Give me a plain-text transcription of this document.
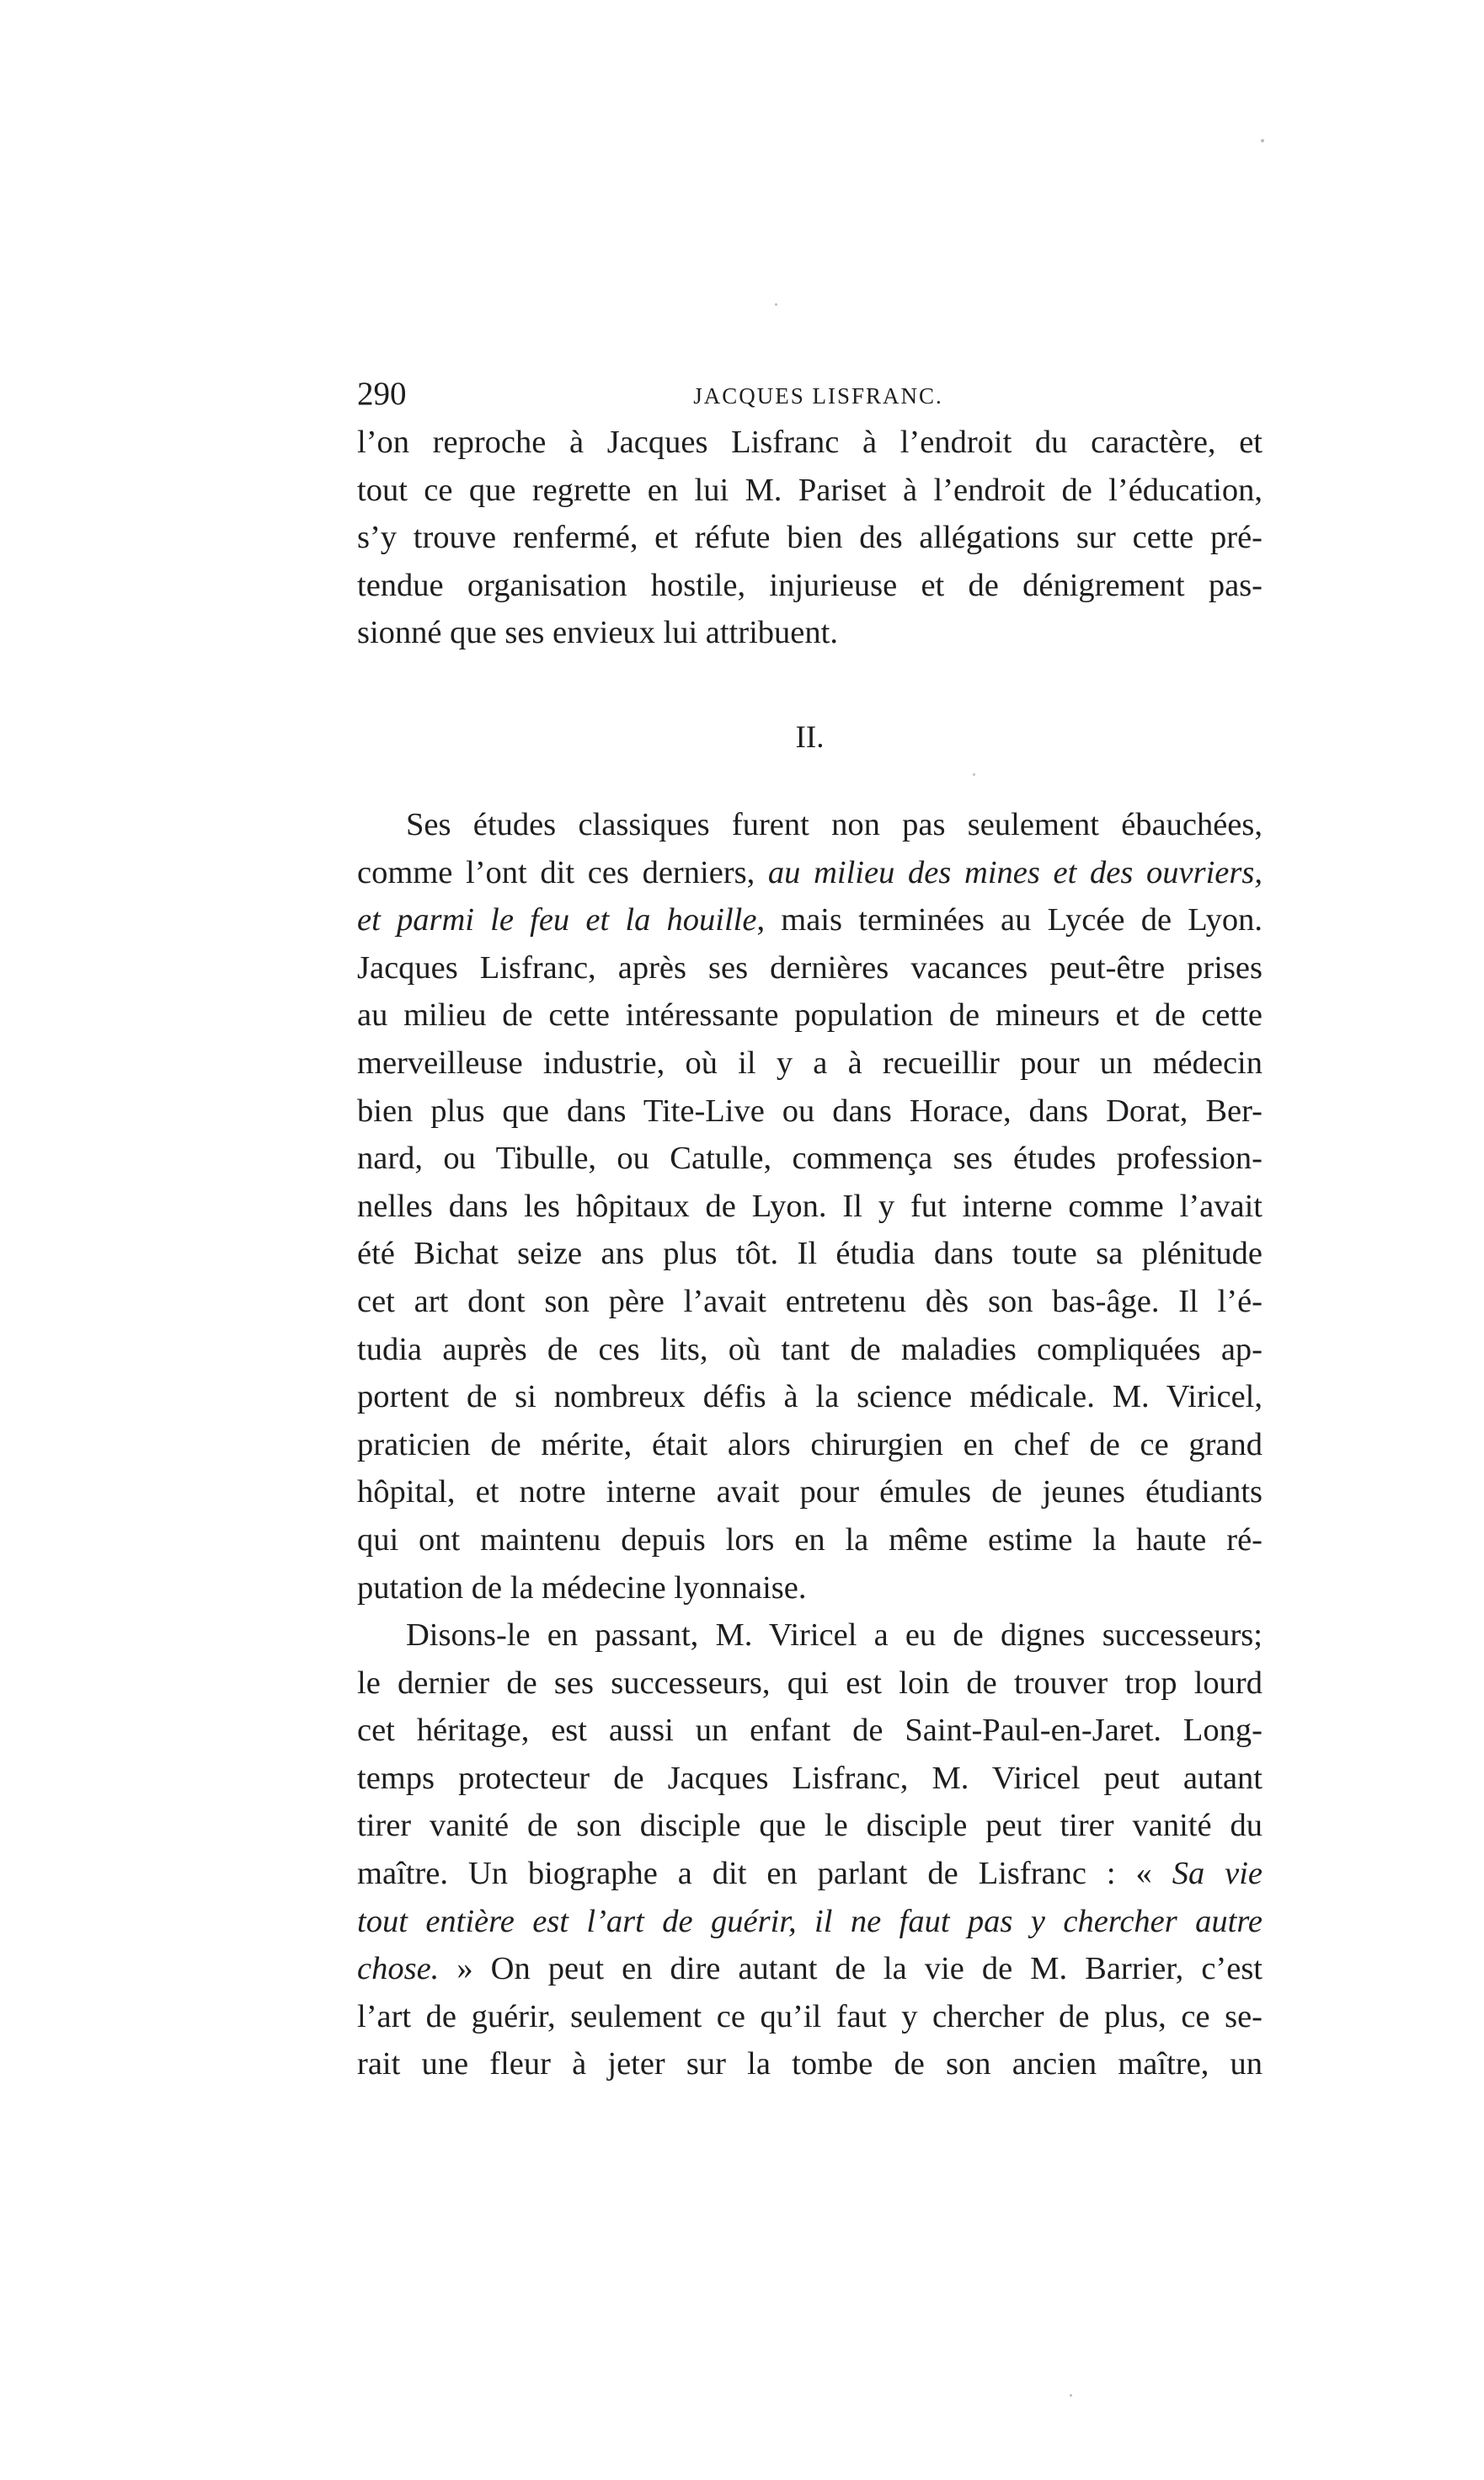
290	JACQUES LISFRANC.
l’on reproche à Jacques Lisfranc à l’endroit du caractère, et
tout ce que regrette en lui M. Pariset à l’endroit de l’éducation,
s’y trouve renfermé, et réfute bien des allégations sur cette pré-
tendue organisation hostile, injurieuse et de dénigrement pas-
sionné que ses envieux lui attribuent.
II.
Ses études classiques furent non pas seulement ébauchées,
comme l’ont dit ces derniers, au milieu des mines et des ouvriers,
et parmi le feu et la houille, mais terminées au Lycée de Lyon.
Jacques Lisfranc, après ses dernières vacances peut-être prises
au milieu de cette intéressante population de mineurs et de cette
merveilleuse industrie, où il y a à recueillir pour un médecin
bien plus que dans Tite-Live ou dans Horace, dans Dorat, Ber-
nard, ou Tibulle, ou Catulle, commença ses études profession-
nelles dans les hôpitaux de Lyon. Il y fut interne comme l’avait
été Bichat seize ans plus tôt. Il étudia dans toute sa plénitude
cet art dont son père l’avait entretenu dès son bas-âge. Il l’é-
tudia auprès de ces lits, où tant de maladies compliquées ap-
portent de si nombreux défis à la science médicale. M. Viricel,
praticien de mérite, était alors chirurgien en chef de ce grand
hôpital, et notre interne avait pour émules de jeunes étudiants
qui ont maintenu depuis lors en la même estime la haute ré-
putation de la médecine lyonnaise.
Disons-le en passant, M. Viricel a eu de dignes successeurs;
le dernier de ses successeurs, qui est loin de trouver trop lourd
cet héritage, est aussi un enfant de Saint-Paul-en-Jaret. Long-
temps protecteur de Jacques Lisfranc, M. Viricel peut autant
tirer vanité de son disciple que le disciple peut tirer vanité du
maître. Un biographe a dit en parlant de Lisfranc : « Sa vie
tout entière est l’art de guérir, il ne faut pas y chercher autre
chose. » On peut en dire autant de la vie de M. Barrier, c’est
l’art de guérir, seulement ce qu’il faut y chercher de plus, ce se-
rait une fleur à jeter sur la tombe de son ancien maître, un
